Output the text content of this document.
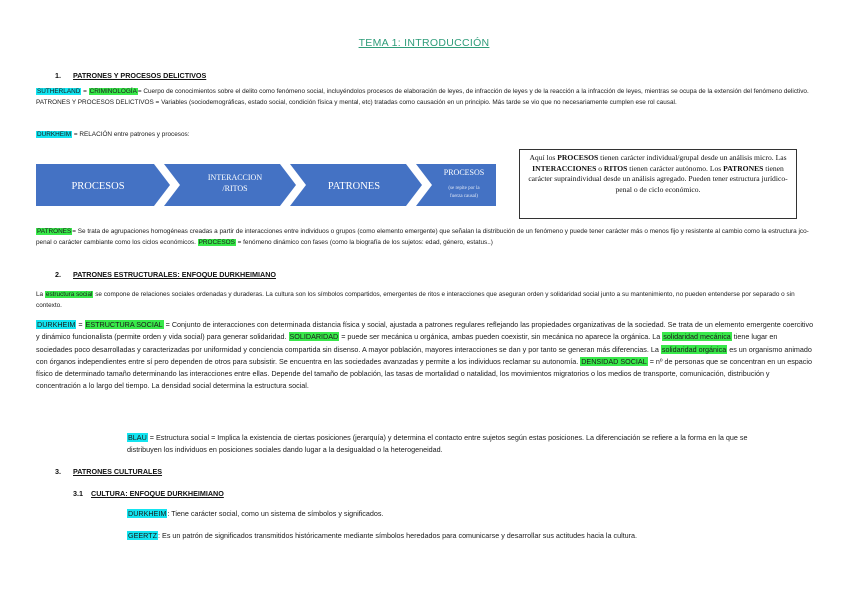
TEMA 1: INTRODUCCIÓN
1. PATRONES Y PROCESOS DELICTIVOS
SUTHERLAND = CRIMINOLOGÍA= Cuerpo de conocimientos sobre el delito como fenómeno social, incluyéndolos procesos de elaboración de leyes, de infracción de leyes y de la reacción a la infracción de leyes, mientras se ocupa de la extensión del fenómeno delictivo. PATRONES Y PROCESOS DELICTIVOS = Variables (sociodemográficas, estado social, condición física y mental, etc) tratadas como causación en un principio. Más tarde se vio que no necesariamente cumplen ese rol causal.
DURKHEIM = RELACIÓN entre patrones y procesos:
PROCESOS
INTERACCION
/RITOS	PATRONES
PROCESOS
(se repite por la
fuerza causal)
Aquí los PROCESOS tienen carácter individual/grupal desde un análisis micro. Las INTERACCIONES o RITOS tienen carácter autónomo. Los PATRONES tienen carácter supraindividual desde un análisis agregado. Pueden tener estructura jurídico-penal o de ciclo económico.
PATRONES= Se trata de agrupaciones homogéneas creadas a partir de interacciones entre individuos o grupos (como elemento emergente) que señalan la distribución de un fenómeno y puede tener carácter más o menos fijo y resistente al cambio como la estructura jco-penal o carácter cambiante como los ciclos económicos. PROCESOS = fenómeno dinámico con fases (como la biografía de los sujetos: edad, género, estatus..)
2. PATRONES ESTRUCTURALES: ENFOQUE DURKHEIMIANO
La estructura social se compone de relaciones sociales ordenadas y duraderas. La cultura son los símbolos compartidos, emergentes de ritos e interacciones que aseguran orden y solidaridad social junto a su mantenimiento, no pueden entenderse por separado o sin contexto.
DURKHEIM = ESTRUCTURA SOCIAL = Conjunto de interacciones con determinada distancia física y social, ajustada a patrones regulares reflejando las propiedades organizativas de la sociedad. Se trata de un elemento emergente coercitivo y dinámico funcionalista (permite orden y vida social) para generar solidaridad. SOLIDARIDAD = puede ser mecánica u orgánica, ambas pueden coexistir, sin mecánica no aparece la orgánica. La solidaridad mecánica tiene lugar en sociedades poco desarrolladas y caracterizadas por uniformidad y conciencia compartida sin disenso. A mayor población, mayores interacciones se dan y por tanto se generan más diferencias. La solidaridad orgánica es un organismo animado con órganos independientes entre sí pero dependen de otros para subsistir. Se encuentra en las sociedades avanzadas y permite a los individuos reclamar su autonomía. DENSIDAD SOCIAL = nº de personas que se concentran en un espacio físico de determinado tamaño determinando las interacciones entre ellas. Depende del tamaño de población, las tasas de mortalidad o natalidad, los movimientos migratorios o los medios de transporte, comunicación, distribución y concentración a lo largo del tiempo. La densidad social determina la estructura social.
BLAU = Estructura social = Implica la existencia de ciertas posiciones (jerarquía) y determina el contacto entre sujetos según estas posiciones. La diferenciación se refiere a la forma en la que se distribuyen los individuos en posiciones sociales dando lugar a la desigualdad o la heterogeneidad.
3. PATRONES CULTURALES
3.1 CULTURA: ENFOQUE DURKHEIMIANO
DURKHEIM: Tiene carácter social, como un sistema de símbolos y significados.
GEERTZ: Es un patrón de significados transmitidos históricamente mediante símbolos heredados para comunicarse y desarrollar sus actitudes hacia la cultura.
